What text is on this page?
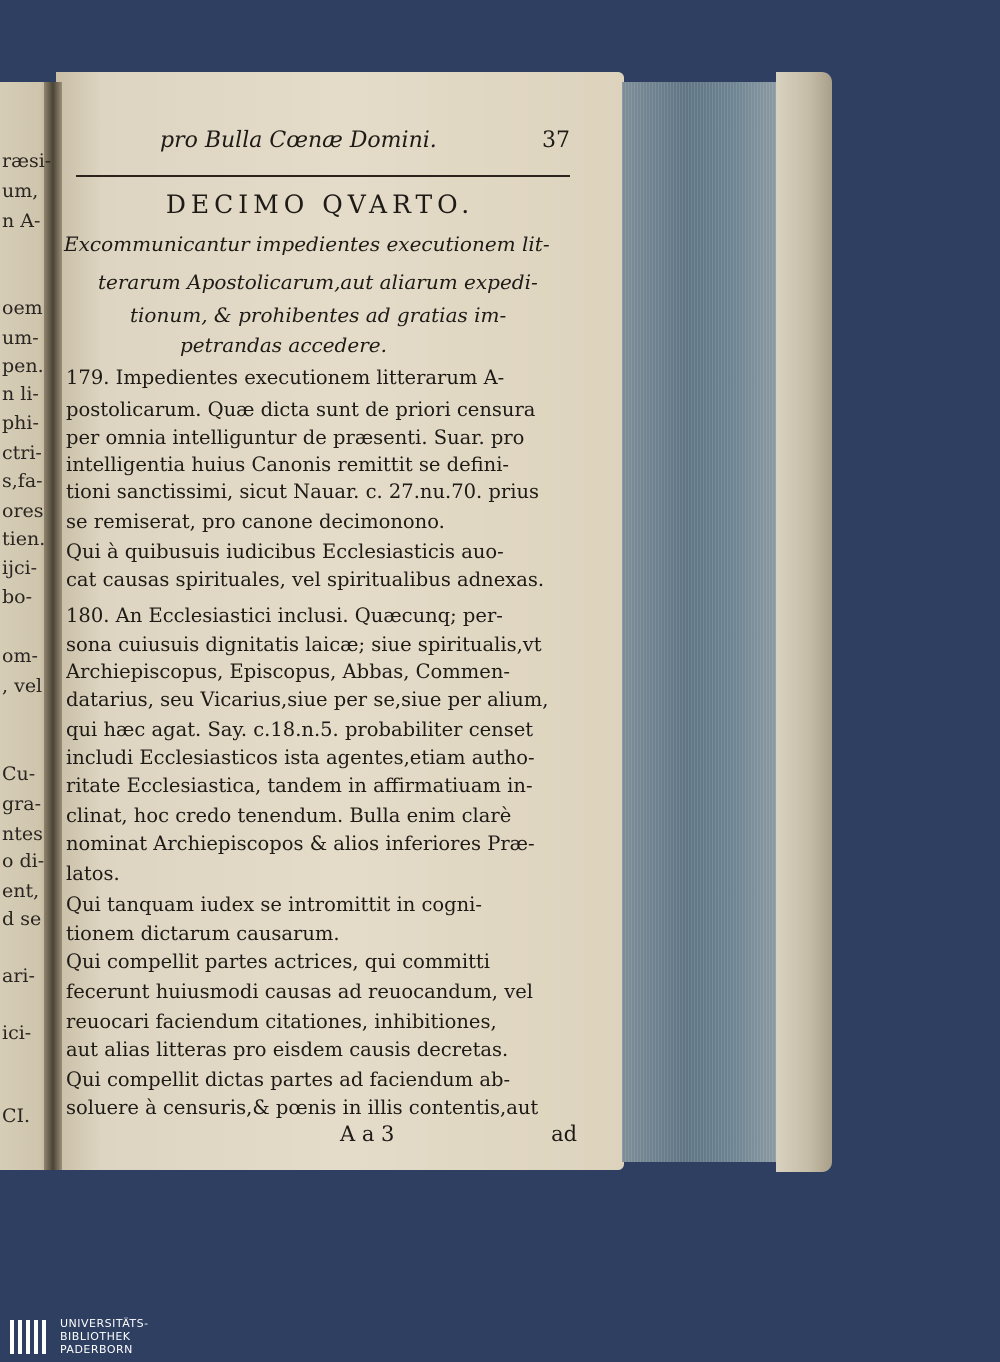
ræsi-
um,
n A-
oem
um-
pen.
n li-
phi-
ctri-
s,fa-
ores
tien.
ijci-
bo-
om-
, vel
Cu-
gra-
ntes
o di-
ent,
d se
ari-
ici-
CI.
pro Bulla Cœnæ Domini.	37
DECIMO QVARTO.
Excommunicantur impedientes executionem lit-
terarum Apostolicarum,aut aliarum expedi-
tionum, & prohibentes ad gratias im-
petrandas accedere.
179. Impedientes executionem litterarum A-
postolicarum. Quæ dicta sunt de priori censura
per omnia intelliguntur de præsenti. Suar. pro
intelligentia huius Canonis remittit se defini-
tioni sanctissimi, sicut Nauar. c. 27.nu.70. prius
se remiserat, pro canone decimonono.
Qui à quibusuis iudicibus Ecclesiasticis auo-
cat causas spirituales, vel spiritualibus adnexas.
180. An Ecclesiastici inclusi. Quæcunq; per-
sona cuiusuis dignitatis laicæ; siue spiritualis,vt
Archiepiscopus, Episcopus, Abbas, Commen-
datarius, seu Vicarius,siue per se,siue per alium,
qui hæc agat. Say. c.18.n.5. probabiliter censet
includi Ecclesiasticos ista agentes,etiam autho-
ritate Ecclesiastica, tandem in affirmatiuam in-
clinat, hoc credo tenendum. Bulla enim clarè
nominat Archiepiscopos & alios inferiores Præ-
latos.
Qui tanquam iudex se intromittit in cogni-
tionem dictarum causarum.
Qui compellit partes actrices, qui committi
fecerunt huiusmodi causas ad reuocandum, vel
reuocari faciendum citationes, inhibitiones,
aut alias litteras pro eisdem causis decretas.
Qui compellit dictas partes ad faciendum ab-
soluere à censuris,& pœnis in illis contentis,aut
A a 3	ad
UNIVERSITÄTS-
BIBLIOTHEK
PADERBORN
